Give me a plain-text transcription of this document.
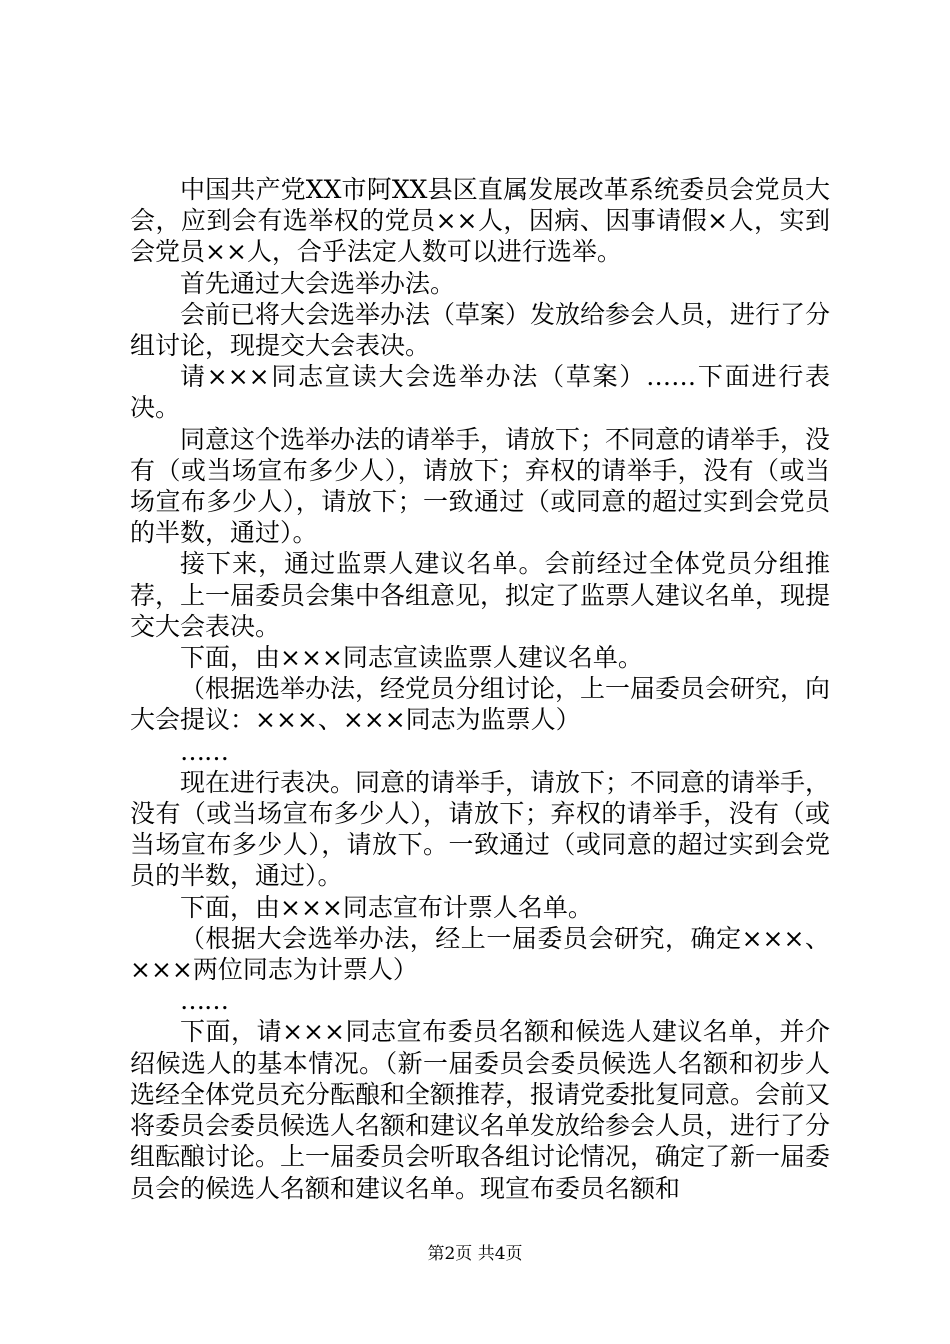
中国共产党XX市阿XX县区直属发展改革系统委员会党员大会，应到会有选举权的党员××人，因病、因事请假×人，实到会党员××人，合乎法定人数可以进行选举。

首先通过大会选举办法。

会前已将大会选举办法（草案）发放给参会人员，进行了分组讨论，现提交大会表决。

请×××同志宣读大会选举办法（草案）……下面进行表决。

同意这个选举办法的请举手，请放下；不同意的请举手，没有（或当场宣布多少人），请放下；弃权的请举手，没有（或当场宣布多少人），请放下；一致通过（或同意的超过实到会党员的半数，通过）。

接下来，通过监票人建议名单。会前经过全体党员分组推荐，上一届委员会集中各组意见，拟定了监票人建议名单，现提交大会表决。

下面，由×××同志宣读监票人建议名单。

（根据选举办法，经党员分组讨论，上一届委员会研究，向大会提议：×××、×××同志为监票人）

……

现在进行表决。同意的请举手，请放下；不同意的请举手，没有（或当场宣布多少人），请放下；弃权的请举手，没有（或当场宣布多少人），请放下。一致通过（或同意的超过实到会党员的半数，通过）。

下面，由×××同志宣布计票人名单。

（根据大会选举办法，经上一届委员会研究，确定×××、×××两位同志为计票人）

……

下面，请×××同志宣布委员名额和候选人建议名单，并介绍候选人的基本情况。（新一届委员会委员候选人名额和初步人选经全体党员充分酝酿和全额推荐，报请党委批复同意。会前又将委员会委员候选人名额和建议名单发放给参会人员，进行了分组酝酿讨论。上一届委员会听取各组讨论情况，确定了新一届委员会的候选人名额和建议名单。现宣布委员名额和

第2页 共4页
